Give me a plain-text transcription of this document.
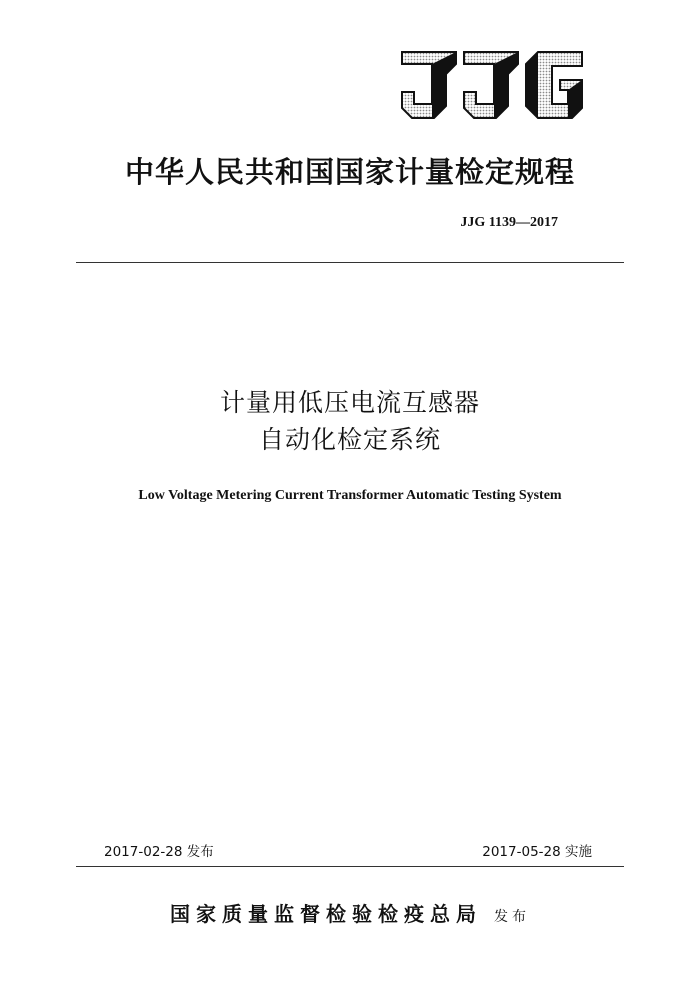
中华人民共和国国家计量检定规程
JJG 1139—2017
计量用低压电流互感器
自动化检定系统
Low Voltage Metering Current Transformer Automatic Testing System
2017-02-28 发布	2017-05-28 实施
国家质量监督检验检疫总局 发布
